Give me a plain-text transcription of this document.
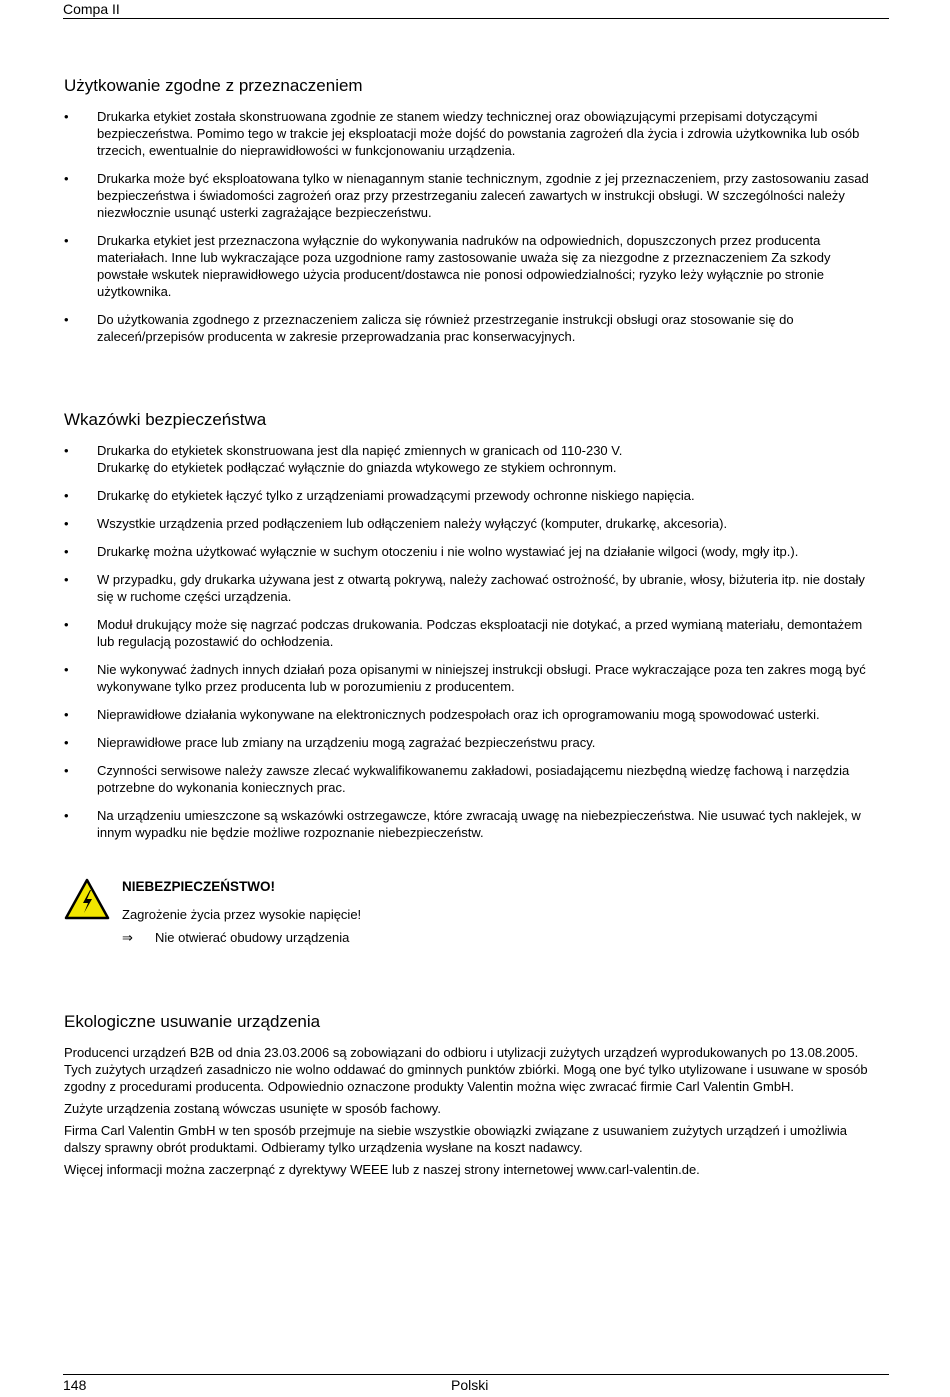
Compa II
Użytkowanie zgodne z przeznaczeniem
• Drukarka etykiet została skonstruowana zgodnie ze stanem wiedzy technicznej oraz obowiązującymi przepisami dotyczącymi bezpieczeństwa. Pomimo tego w trakcie jej eksploatacji może dojść do powstania zagrożeń dla życia i zdrowia użytkownika lub osób trzecich, ewentualnie do nieprawidłowości w funkcjonowaniu urządzenia.
• Drukarka może być eksploatowana tylko w nienagannym stanie technicznym, zgodnie z jej przeznaczeniem, przy zastosowaniu zasad bezpieczeństwa i świadomości zagrożeń oraz przy przestrzeganiu zaleceń zawartych w instrukcji obsługi. W szczególności należy niezwłocznie usunąć usterki zagrażające bezpieczeństwu.
• Drukarka etykiet jest przeznaczona wyłącznie do wykonywania nadruków na odpowiednich, dopuszczonych przez producenta materiałach. Inne lub wykraczające poza uzgodnione ramy zastosowanie uważa się za niezgodne z przeznaczeniem Za szkody powstałe wskutek nieprawidłowego użycia producent/dostawca nie ponosi odpowiedzialności; ryzyko leży wyłącznie po stronie użytkownika.
• Do użytkowania zgodnego z przeznaczeniem zalicza się również przestrzeganie instrukcji obsługi oraz stosowanie się do zaleceń/przepisów producenta w zakresie przeprowadzania prac konserwacyjnych.
Wkazówki bezpieczeństwa
• Drukarka do etykietek skonstruowana jest dla napięć zmiennych w granicach od 110-230 V.
Drukarkę do etykietek podłączać wyłącznie do gniazda wtykowego ze stykiem ochronnym.
• Drukarkę do etykietek łączyć tylko z urządzeniami prowadzącymi przewody ochronne niskiego napięcia.
• Wszystkie urządzenia przed podłączeniem lub odłączeniem należy wyłączyć (komputer, drukarkę, akcesoria).
• Drukarkę można użytkować wyłącznie w suchym otoczeniu i nie wolno wystawiać jej na działanie wilgoci (wody, mgły itp.).
• W przypadku, gdy drukarka używana jest z otwartą pokrywą, należy zachować ostrożność, by ubranie, włosy, biżuteria itp. nie dostały się w ruchome części urządzenia.
• Moduł drukujący może się nagrzać podczas drukowania. Podczas eksploatacji nie dotykać, a przed wymianą materiału, demontażem lub regulacją pozostawić do ochłodzenia.
• Nie wykonywać żadnych innych działań poza opisanymi w niniejszej instrukcji obsługi. Prace wykraczające poza ten zakres mogą być wykonywane tylko przez producenta lub w porozumieniu z producentem.
• Nieprawidłowe działania wykonywane na elektronicznych podzespołach oraz ich oprogramowaniu mogą spowodować usterki.
• Nieprawidłowe prace lub zmiany na urządzeniu mogą zagrażać bezpieczeństwu pracy.
• Czynności serwisowe należy zawsze zlecać wykwalifikowanemu zakładowi, posiadającemu niezbędną wiedzę fachową i narzędzia potrzebne do wykonania koniecznych prac.
• Na urządzeniu umieszczone są wskazówki ostrzegawcze, które zwracają uwagę na niebezpieczeństwa. Nie usuwać tych naklejek, w innym wypadku nie będzie możliwe rozpoznanie niebezpieczeństw.
NIEBEZPIECZEŃSTWO!
Zagrożenie życia przez wysokie napięcie!
⇒ Nie otwierać obudowy urządzenia
Ekologiczne usuwanie urządzenia

Producenci urządzeń B2B od dnia 23.03.2006 są zobowiązani do odbioru i utylizacji zużytych urządzeń wyprodukowanych po 13.08.2005. Tych zużytych urządzeń zasadniczo nie wolno oddawać do gminnych punktów zbiórki. Mogą one być tylko utylizowane i usuwane w sposób zgodny z procedurami producenta. Odpowiednio oznaczone produkty Valentin można więc zwracać firmie Carl Valentin GmbH.

Zużyte urządzenia zostaną wówczas usunięte w sposób fachowy.

Firma Carl Valentin GmbH w ten sposób przejmuje na siebie wszystkie obowiązki związane z usuwaniem zużytych urządzeń i umożliwia dalszy sprawny obrót produktami. Odbieramy tylko urządzenia wysłane na koszt nadawcy.

Więcej informacji można zaczerpnąć z dyrektywy WEEE lub z naszej strony internetowej www.carl-valentin.de.

148	Polski
